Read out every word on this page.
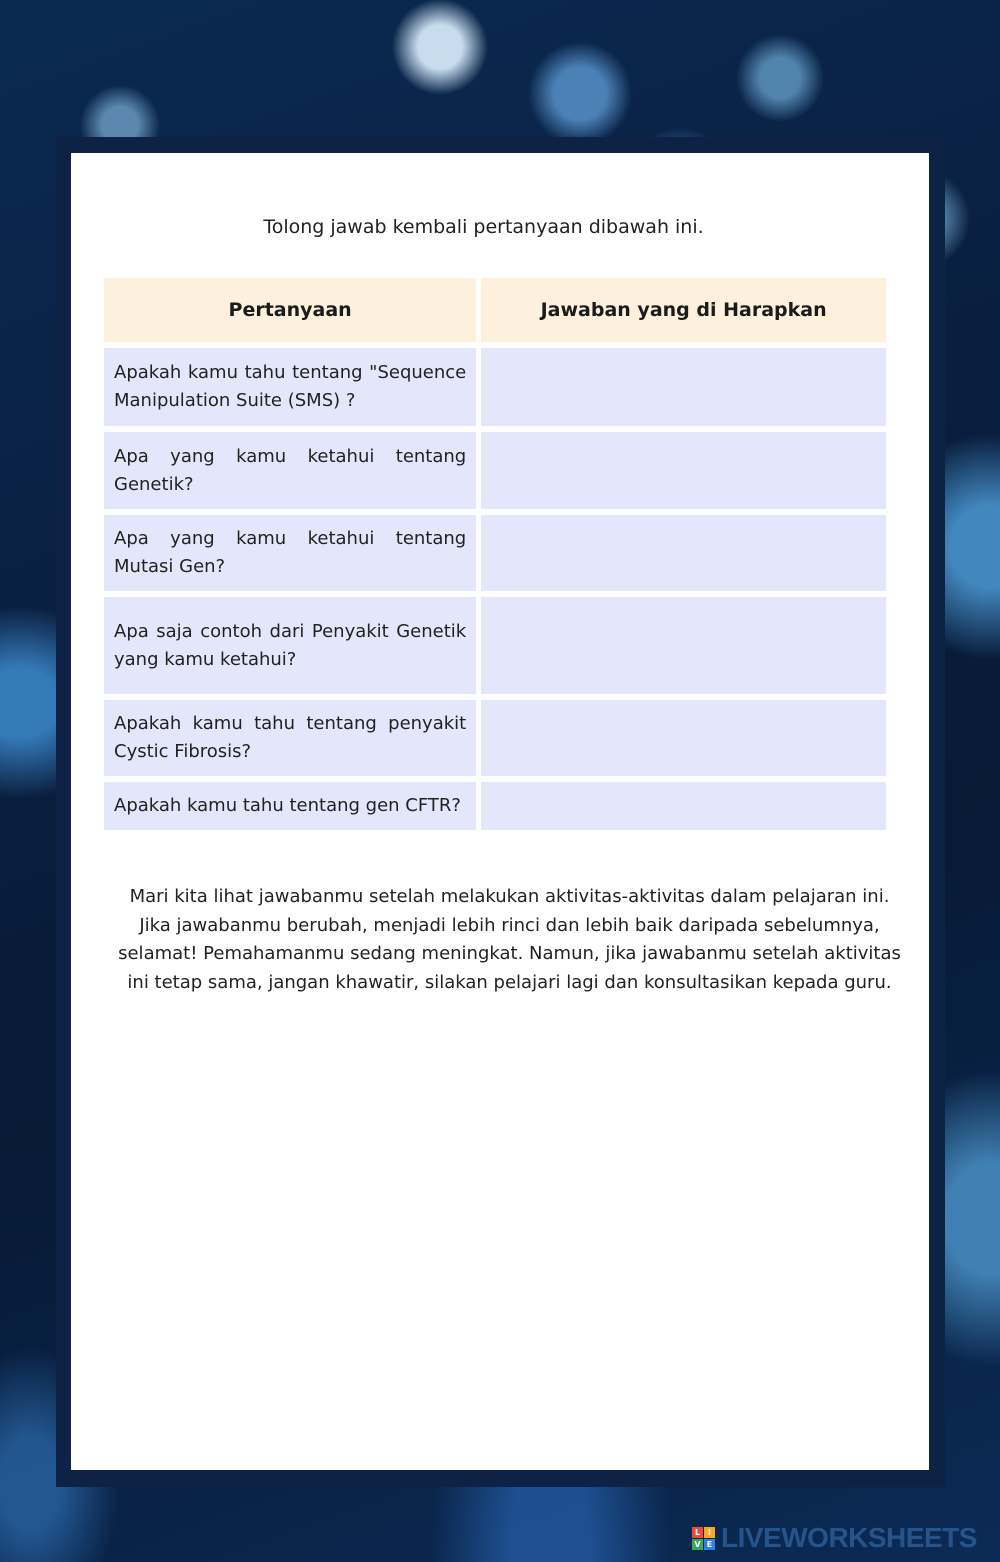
Tolong jawab kembali pertanyaan dibawah ini.

Pertanyaan	Jawaban yang di Harapkan
Apakah kamu tahu tentang "Sequence Manipulation Suite (SMS) ?	
Apa yang kamu ketahui tentang Genetik?	
Apa yang kamu ketahui tentang Mutasi Gen?	
Apa saja contoh dari Penyakit Genetik yang kamu ketahui?	
Apakah kamu tahu tentang penyakit Cystic Fibrosis?	
Apakah kamu tahu tentang gen CFTR?	

Mari kita lihat jawabanmu setelah melakukan aktivitas-aktivitas dalam pelajaran ini. Jika jawabanmu berubah, menjadi lebih rinci dan lebih baik daripada sebelumnya, selamat! Pemahamanmu sedang meningkat. Namun, jika jawabanmu setelah aktivitas ini tetap sama, jangan khawatir, silakan pelajari lagi dan konsultasikan kepada guru.

L I
V E LIVEWORKSHEETS
